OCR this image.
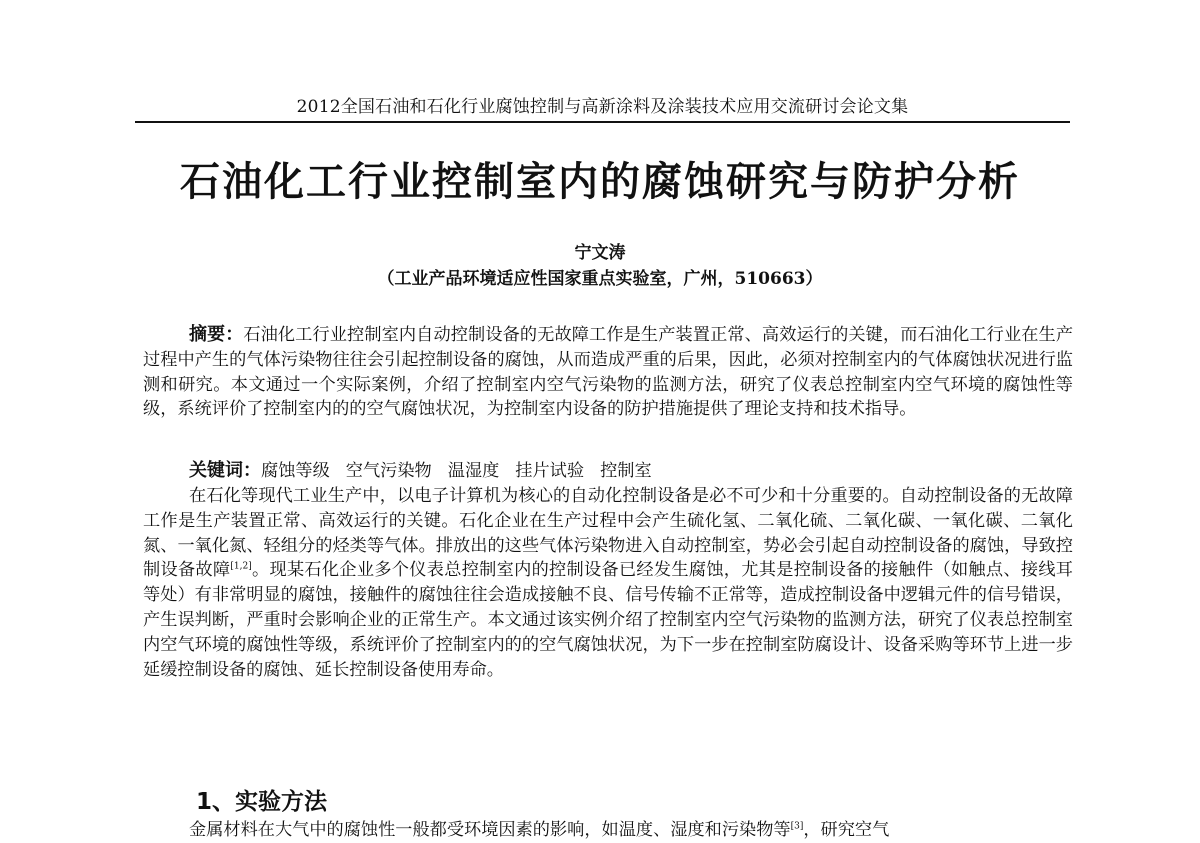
2012全国石油和石化行业腐蚀控制与高新涂料及涂装技术应用交流研讨会论文集
石油化工行业控制室内的腐蚀研究与防护分析
宁文涛
（工业产品环境适应性国家重点实验室，广州，510663）
摘要：石油化工行业控制室内自动控制设备的无故障工作是生产装置正常、高效运行的关键，而石油化工行业在生产过程中产生的气体污染物往往会引起控制设备的腐蚀，从而造成严重的后果，因此，必须对控制室内的气体腐蚀状况进行监测和研究。本文通过一个实际案例，介绍了控制室内空气污染物的监测方法，研究了仪表总控制室内空气环境的腐蚀性等级，系统评价了控制室内的的空气腐蚀状况，为控制室内设备的防护措施提供了理论支持和技术指导。
关键词：腐蚀等级 空气污染物 温湿度 挂片试验 控制室
在石化等现代工业生产中，以电子计算机为核心的自动化控制设备是必不可少和十分重要的。自动控制设备的无故障工作是生产装置正常、高效运行的关键。石化企业在生产过程中会产生硫化氢、二氧化硫、二氧化碳、一氧化碳、二氧化氮、一氧化氮、轻组分的烃类等气体。排放出的这些气体污染物进入自动控制室，势必会引起自动控制设备的腐蚀，导致控制设备故障[1,2]。现某石化企业多个仪表总控制室内的控制设备已经发生腐蚀，尤其是控制设备的接触件（如触点、接线耳等处）有非常明显的腐蚀，接触件的腐蚀往往会造成接触不良、信号传输不正常等，造成控制设备中逻辑元件的信号错误，产生误判断，严重时会影响企业的正常生产。本文通过该实例介绍了控制室内空气污染物的监测方法，研究了仪表总控制室内空气环境的腐蚀性等级，系统评价了控制室内的的空气腐蚀状况，为下一步在控制室防腐设计、设备采购等环节上进一步延缓控制设备的腐蚀、延长控制设备使用寿命。
1、实验方法
金属材料在大气中的腐蚀性一般都受环境因素的影响，如温度、湿度和污染物等[3]，研究空气
